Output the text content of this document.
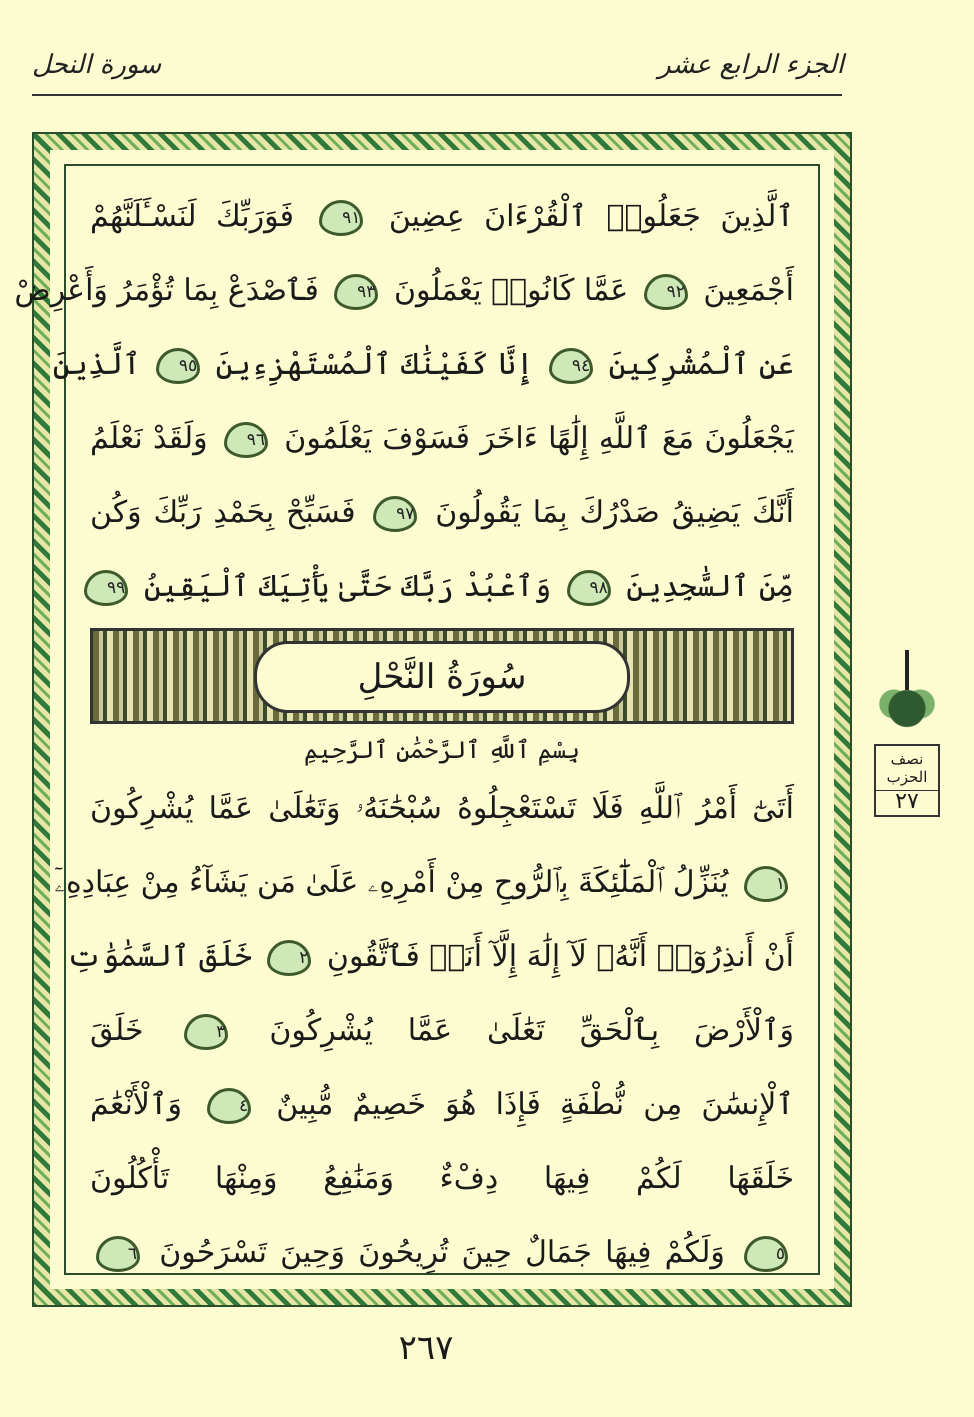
الجزء الرابع عشر
سورة النحل
ٱلَّذِينَ جَعَلُوا۟ ٱلْقُرْءَانَ عِضِينَ ٩١ فَوَرَبِّكَ لَنَسْـَٔلَنَّهُمْ
أَجْمَعِينَ ٩٢ عَمَّا كَانُوا۟ يَعْمَلُونَ ٩٣ فَٱصْدَعْ بِمَا تُؤْمَرُ وَأَعْرِضْ
عَنِ ٱلْمُشْرِكِينَ ٩٤ إِنَّا كَفَيْنَٰكَ ٱلْمُسْتَهْزِءِينَ ٩٥ ٱلَّذِينَ
يَجْعَلُونَ مَعَ ٱللَّهِ إِلَٰهًا ءَاخَرَ فَسَوْفَ يَعْلَمُونَ ٩٦ وَلَقَدْ نَعْلَمُ
أَنَّكَ يَضِيقُ صَدْرُكَ بِمَا يَقُولُونَ ٩٧ فَسَبِّحْ بِحَمْدِ رَبِّكَ وَكُن
مِّنَ ٱلسَّٰجِدِينَ ٩٨ وَٱعْبُدْ رَبَّكَ حَتَّىٰ يَأْتِيَكَ ٱلْيَقِينُ ٩٩
سُورَةُ النَّحْلِ
بِسْمِ ٱللَّهِ ٱلرَّحْمَٰنِ ٱلرَّحِيمِ
أَتَىٰٓ أَمْرُ ٱللَّهِ فَلَا تَسْتَعْجِلُوهُ سُبْحَٰنَهُۥ وَتَعَٰلَىٰ عَمَّا يُشْرِكُونَ
١ يُنَزِّلُ ٱلْمَلَٰٓئِكَةَ بِٱلرُّوحِ مِنْ أَمْرِهِۦ عَلَىٰ مَن يَشَآءُ مِنْ عِبَادِهِۦٓ
أَنْ أَنذِرُوٓا۟ أَنَّهُۥ لَآ إِلَٰهَ إِلَّآ أَنَا۠ فَٱتَّقُونِ ٢ خَلَقَ ٱلسَّمَٰوَٰتِ
وَٱلْأَرْضَ بِٱلْحَقِّ تَعَٰلَىٰ عَمَّا يُشْرِكُونَ ٣ خَلَقَ
ٱلْإِنسَٰنَ مِن نُّطْفَةٍ فَإِذَا هُوَ خَصِيمٌ مُّبِينٌ ٤ وَٱلْأَنْعَٰمَ
خَلَقَهَا لَكُمْ فِيهَا دِفْءٌ وَمَنَٰفِعُ وَمِنْهَا تَأْكُلُونَ
٥ وَلَكُمْ فِيهَا جَمَالٌ حِينَ تُرِيحُونَ وَحِينَ تَسْرَحُونَ ٦
نصف
الحزب
٢٧
٢٦٧
